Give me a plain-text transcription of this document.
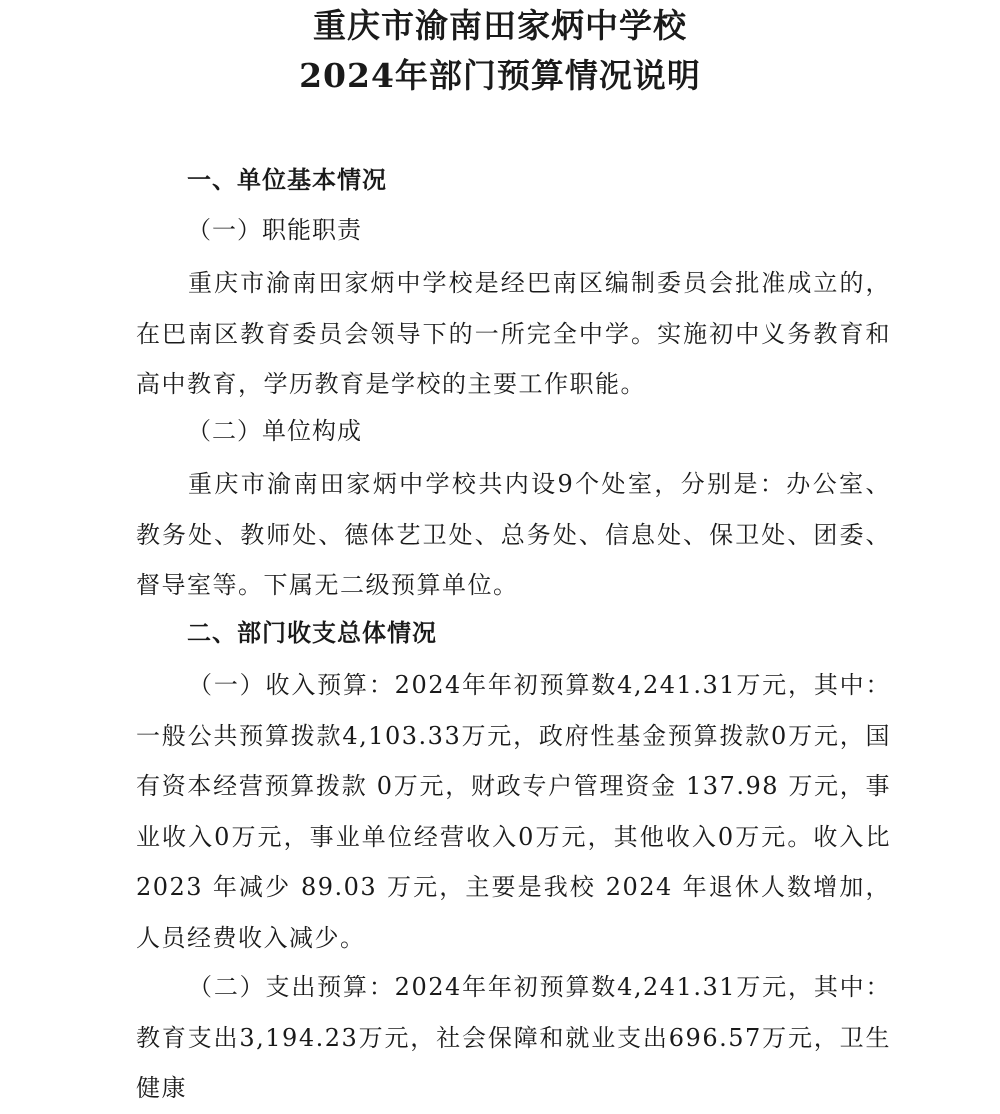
重庆市渝南田家炳中学校
2024年部门预算情况说明
一、单位基本情况
（一）职能职责

重庆市渝南田家炳中学校是经巴南区编制委员会批准成立的，在巴南区教育委员会领导下的一所完全中学。实施初中义务教育和高中教育，学历教育是学校的主要工作职能。

（二）单位构成

重庆市渝南田家炳中学校共内设9个处室，分别是：办公室、教务处、教师处、德体艺卫处、总务处、信息处、保卫处、团委、督导室等。下属无二级预算单位。

二、部门收支总体情况

（一）收入预算：2024年年初预算数4,241.31万元，其中：一般公共预算拨款4,103.33万元，政府性基金预算拨款0万元，国有资本经营预算拨款 0万元，财政专户管理资金 137.98 万元，事业收入0万元，事业单位经营收入0万元，其他收入0万元。收入比2023 年减少 89.03 万元，主要是我校 2024 年退休人数增加，人员经费收入减少。

（二）支出预算：2024年年初预算数4,241.31万元，其中：教育支出3,194.23万元，社会保障和就业支出696.57万元，卫生健康
